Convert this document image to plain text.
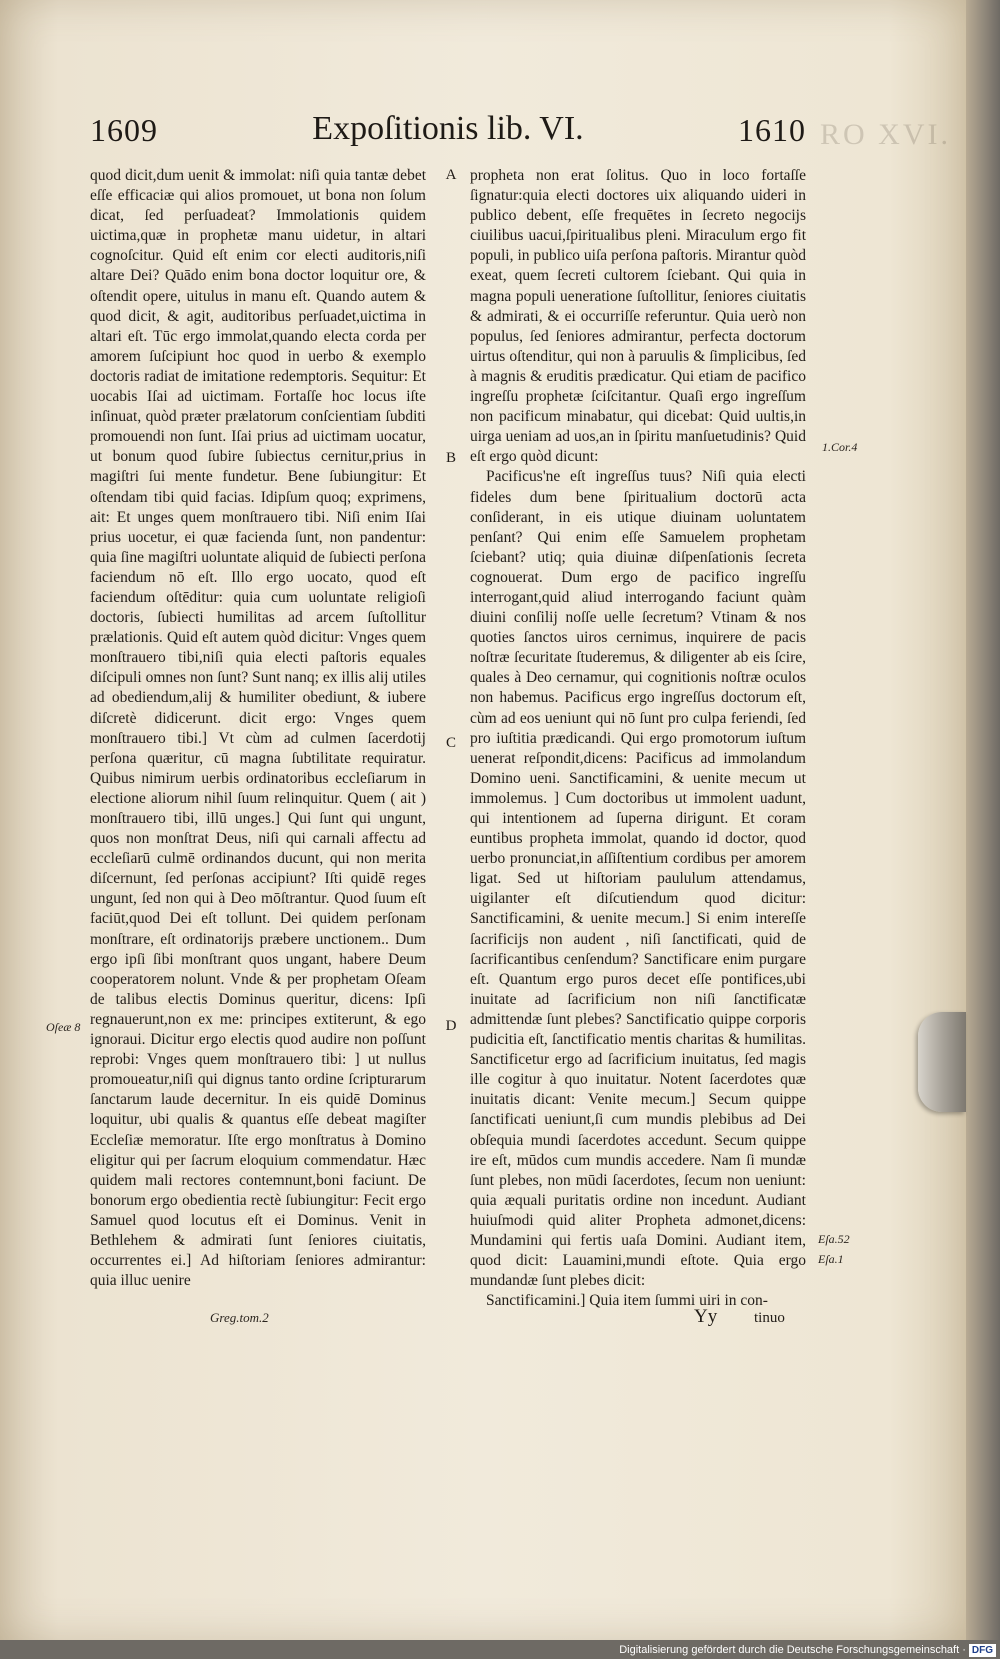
RO XVI.
1609	Expoſitionis lib. VI.	1610

quod dicit,dum uenit & immolat: niſi quia tantæ debet eſſe efficaciæ qui alios promouet, ut bona non ſolum dicat, ſed perſuadeat? Immolationis quidem uictima,quæ in prophetæ manu uidetur, in altari cognoſcitur. Quid eſt enim cor electi auditoris,niſi altare Dei? Quādo enim bona doctor loquitur ore, & oſtendit opere, uitulus in manu eſt. Quando autem & quod dicit, & agit, auditoribus perſuadet,uictima in altari eſt. Tūc ergo immolat,quando electa corda per amorem ſuſcipiunt hoc quod in uerbo & exemplo doctoris radiat de imitatione redemptoris. Sequitur: Et uocabis Iſai ad uictimam. Fortaſſe hoc locus iſte inſinuat, quòd præter prælatorum conſcientiam ſubditi promouendi non ſunt. Iſai prius ad uictimam uocatur, ut bonum quod ſubire ſubiectus cernitur,prius in magiſtri ſui mente fundetur. Bene ſubiungitur: Et oſtendam tibi quid facias. Idipſum quoq; exprimens, ait: Et unges quem monſtrauero tibi. Niſi enim Iſai prius uocetur, ei quæ facienda ſunt, non pandentur: quia ſine magiſtri uoluntate aliquid de ſubiecti perſona faciendum nō eſt. Illo ergo uocato, quod eſt faciendum oſtēditur: quia cum uoluntate religioſi doctoris, ſubiecti humilitas ad arcem ſuſtollitur prælationis. Quid eſt autem quòd dicitur: Vnges quem monſtrauero tibi,niſi quia electi paſtoris equales diſcipuli omnes non ſunt? Sunt nanq; ex illis alij utiles ad obediendum,alij & humiliter obediunt, & iubere diſcretè didicerunt. dicit ergo: Vnges quem monſtrauero tibi.] Vt cùm ad culmen ſacerdotij perſona quæritur, cū magna ſubtilitate requiratur. Quibus nimirum uerbis ordinatoribus eccleſiarum in electione aliorum nihil ſuum relinquitur. Quem ( ait ) monſtrauero tibi, illū unges.] Qui ſunt qui ungunt, quos non monſtrat Deus, niſi qui carnali affectu ad eccleſiarū culmē ordinandos ducunt, qui non merita diſcernunt, ſed perſonas accipiunt? Iſti quidē reges ungunt, ſed non qui à Deo mōſtrantur. Quod ſuum eſt faciūt,quod Dei eſt tollunt. Dei quidem perſonam monſtrare, eſt ordinatorijs præbere unctionem.. Dum ergo ipſi ſibi monſtrant quos ungant, habere Deum cooperatorem nolunt. Vnde & per prophetam Oſeam de talibus electis Dominus queritur, dicens: Ipſi regnauerunt,non ex me: principes extiterunt, & ego ignoraui. Dicitur ergo electis quod audire non poſſunt reprobi: Vnges quem monſtrauero tibi: ] ut nullus promoueatur,niſi qui dignus tanto ordine ſcripturarum ſanctarum laude decernitur. In eis quidē Dominus loquitur, ubi qualis & quantus eſſe debeat magiſter Eccleſiæ memoratur. Iſte ergo monſtratus à Domino eligitur qui per ſacrum eloquium commendatur. Hæc quidem mali rectores contemnunt,boni faciunt. De bonorum ergo obedientia rectè ſubiungitur: Fecit ergo Samuel quod locutus eſt ei Dominus. Venit in Bethlehem & admirati ſunt ſeniores ciuitatis, occurrentes ei.] Ad hiſtoriam ſeniores admirantur: quia illuc uenire

propheta non erat ſolitus. Quo in loco fortaſſe ſignatur:quia electi doctores uix aliquando uideri in publico debent, eſſe frequētes in ſecreto negocijs ciuilibus uacui,ſpiritualibus pleni. Miraculum ergo fit populi, in publico uiſa perſona paſtoris. Mirantur quòd exeat, quem ſecreti cultorem ſciebant. Qui quia in magna populi ueneratione ſuſtollitur, ſeniores ciuitatis & admirati, & ei occurriſſe referuntur. Quia uerò non populus, ſed ſeniores admirantur, perfecta doctorum uirtus oſtenditur, qui non à paruulis & ſimplicibus, ſed à magnis & eruditis prædicatur. Qui etiam de pacifico ingreſſu prophetæ ſciſcitantur. Quaſi ergo ingreſſum non pacificum minabatur, qui dicebat: Quid uultis,in uirga ueniam ad uos,an in ſpiritu manſuetudinis? Quid eſt ergo quòd dicunt:

Pacificus'ne eſt ingreſſus tuus? Niſi quia electi fideles dum bene ſpiritualium doctorū acta conſiderant, in eis utique diuinam uoluntatem penſant? Qui enim eſſe Samuelem prophetam ſciebant? utiq; quia diuinæ diſpenſationis ſecreta cognouerat. Dum ergo de pacifico ingreſſu interrogant,quid aliud interrogando faciunt quàm diuini conſilij noſſe uelle ſecretum? Vtinam & nos quoties ſanctos uiros cernimus, inquirere de pacis noſtræ ſecuritate ſtuderemus, & diligenter ab eis ſcire, quales à Deo cernamur, qui cognitionis noſtræ oculos non habemus. Pacificus ergo ingreſſus doctorum eſt, cùm ad eos ueniunt qui nō ſunt pro culpa feriendi, ſed pro iuſtitia prædicandi. Qui ergo promotorum iuſtum uenerat reſpondit,dicens: Pacificus ad immolandum Domino ueni. Sanctificamini, & uenite mecum ut immolemus. ] Cum doctoribus ut immolent uadunt, qui intentionem ad ſuperna dirigunt. Et coram euntibus propheta immolat, quando id doctor, quod uerbo pronunciat,in aſſiſtentium cordibus per amorem ligat. Sed ut hiſtoriam paululum attendamus, uigilanter eſt diſcutiendum quod dicitur: Sanctificamini, & uenite mecum.] Si enim intereſſe ſacrificijs non audent , niſi ſanctificati, quid de ſacrificantibus cenſendum? Sanctificare enim purgare eſt. Quantum ergo puros decet eſſe pontifices,ubi inuitate ad ſacrificium non niſi ſanctificatæ admittendæ ſunt plebes? Sanctificatio quippe corporis pudicitia eſt, ſanctificatio mentis charitas & humilitas. Sanctificetur ergo ad ſacrificium inuitatus, ſed magis ille cogitur à quo inuitatur. Notent ſacerdotes quæ inuitatis dicant: Venite mecum.] Secum quippe ſanctificati ueniunt,ſi cum mundis plebibus ad Dei obſequia mundi ſacerdotes accedunt. Secum quippe ire eſt, mūdos cum mundis accedere. Nam ſi mundæ ſunt plebes, non mūdi ſacerdotes, ſecum non ueniunt: quia æquali puritatis ordine non incedunt. Audiant huiuſmodi quid aliter Propheta admonet,dicens: Mundamini qui fertis uaſa Domini. Audiant item, quod dicit: Lauamini,mundi eſtote. Quia ergo mundandæ ſunt plebes dicit:

Sanctificamini.] Quia item ſummi uiri in con-

A
B
C
D
1.Cor.4
Oſeæ 8
Eſa.52
Eſa.1
Greg.tom.2	Yy tinuo
Digitalisierung gefördert durch die Deutsche Forschungsgemeinschaft · DFG
